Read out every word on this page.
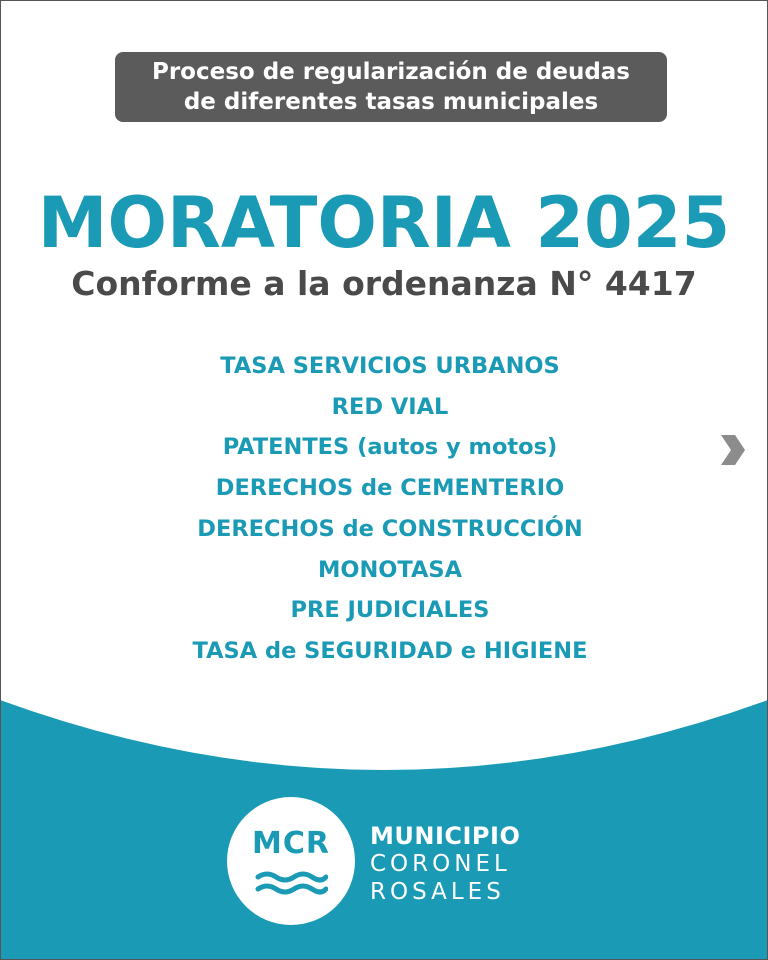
Proceso de regularización de deudas
de diferentes tasas municipales
MORATORIA 2025
Conforme a la ordenanza N° 4417
TASA SERVICIOS URBANOS
RED VIAL
PATENTES (autos y motos)
DERECHOS de CEMENTERIO
DERECHOS de CONSTRUCCIÓN
MONOTASA
PRE JUDICIALES
TASA de SEGURIDAD e HIGIENE
MCR	MUNICIPIO
CORONEL
ROSALES
